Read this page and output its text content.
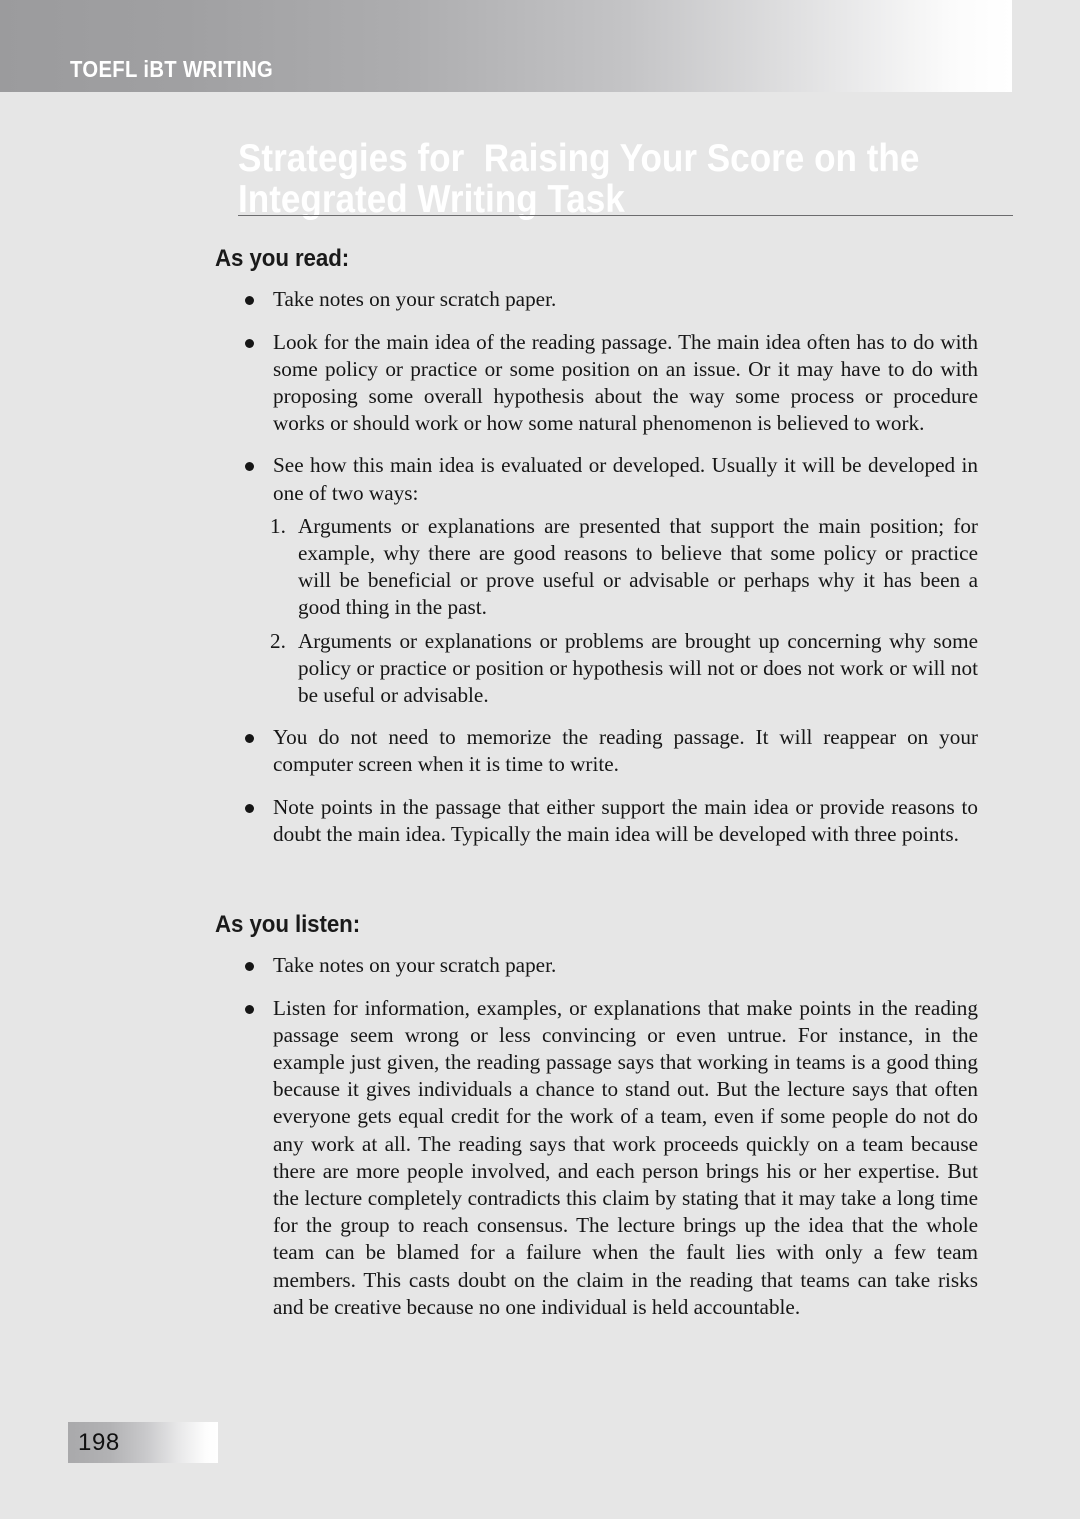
TOEFL iBT WRITING
Strategies for  Raising Your Score on the Integrated Writing Task
As you read:
Take notes on your scratch paper.
Look for the main idea of the reading passage. The main idea often has to do with some policy or practice or some position on an issue. Or it may have to do with proposing some overall hypothesis about the way some process or procedure works or should work or how some natural phenomenon is believed to work.
See how this main idea is evaluated or developed. Usually it will be developed in one of two ways:
1. Arguments or explanations are presented that support the main position; for example, why there are good reasons to believe that some policy or practice will be beneficial or prove useful or advisable or perhaps why it has been a good thing in the past.
2. Arguments or explanations or problems are brought up concerning why some policy or practice or position or hypothesis will not or does not work or will not be useful or advisable.
You do not need to memorize the reading passage. It will reappear on your computer screen when it is time to write.
Note points in the passage that either support the main idea or provide reasons to doubt the main idea. Typically the main idea will be developed with three points.
As you listen:
Take notes on your scratch paper.
Listen for information, examples, or explanations that make points in the reading passage seem wrong or less convincing or even untrue. For instance, in the example just given, the reading passage says that working in teams is a good thing because it gives individuals a chance to stand out. But the lecture says that often everyone gets equal credit for the work of a team, even if some people do not do any work at all. The reading says that work proceeds quickly on a team because there are more people involved, and each person brings his or her expertise. But the lecture completely contradicts this claim by stating that it may take a long time for the group to reach consensus. The lecture brings up the idea that the whole team can be blamed for a failure when the fault lies with only a few team members. This casts doubt on the claim in the reading that teams can take risks and be creative because no one individual is held accountable.
198
